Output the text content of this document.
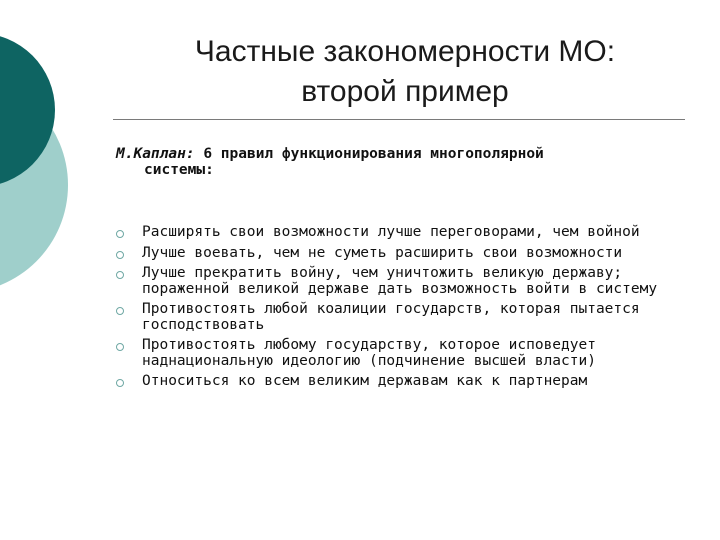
Частные закономерности МО:
второй пример
М.Каплан: 6 правил функционирования многополярной
системы:
Расширять свои возможности лучше переговорами, чем войной
Лучше воевать, чем не суметь расширить свои возможности
Лучше прекратить войну, чем уничтожить великую державу; пораженной великой державе дать возможность войти в систему
Противостоять любой коалиции государств, которая пытается господствовать
Противостоять любому государству, которое исповедует наднациональную идеологию (подчинение высшей власти)
Относиться ко всем великим державам как к партнерам
